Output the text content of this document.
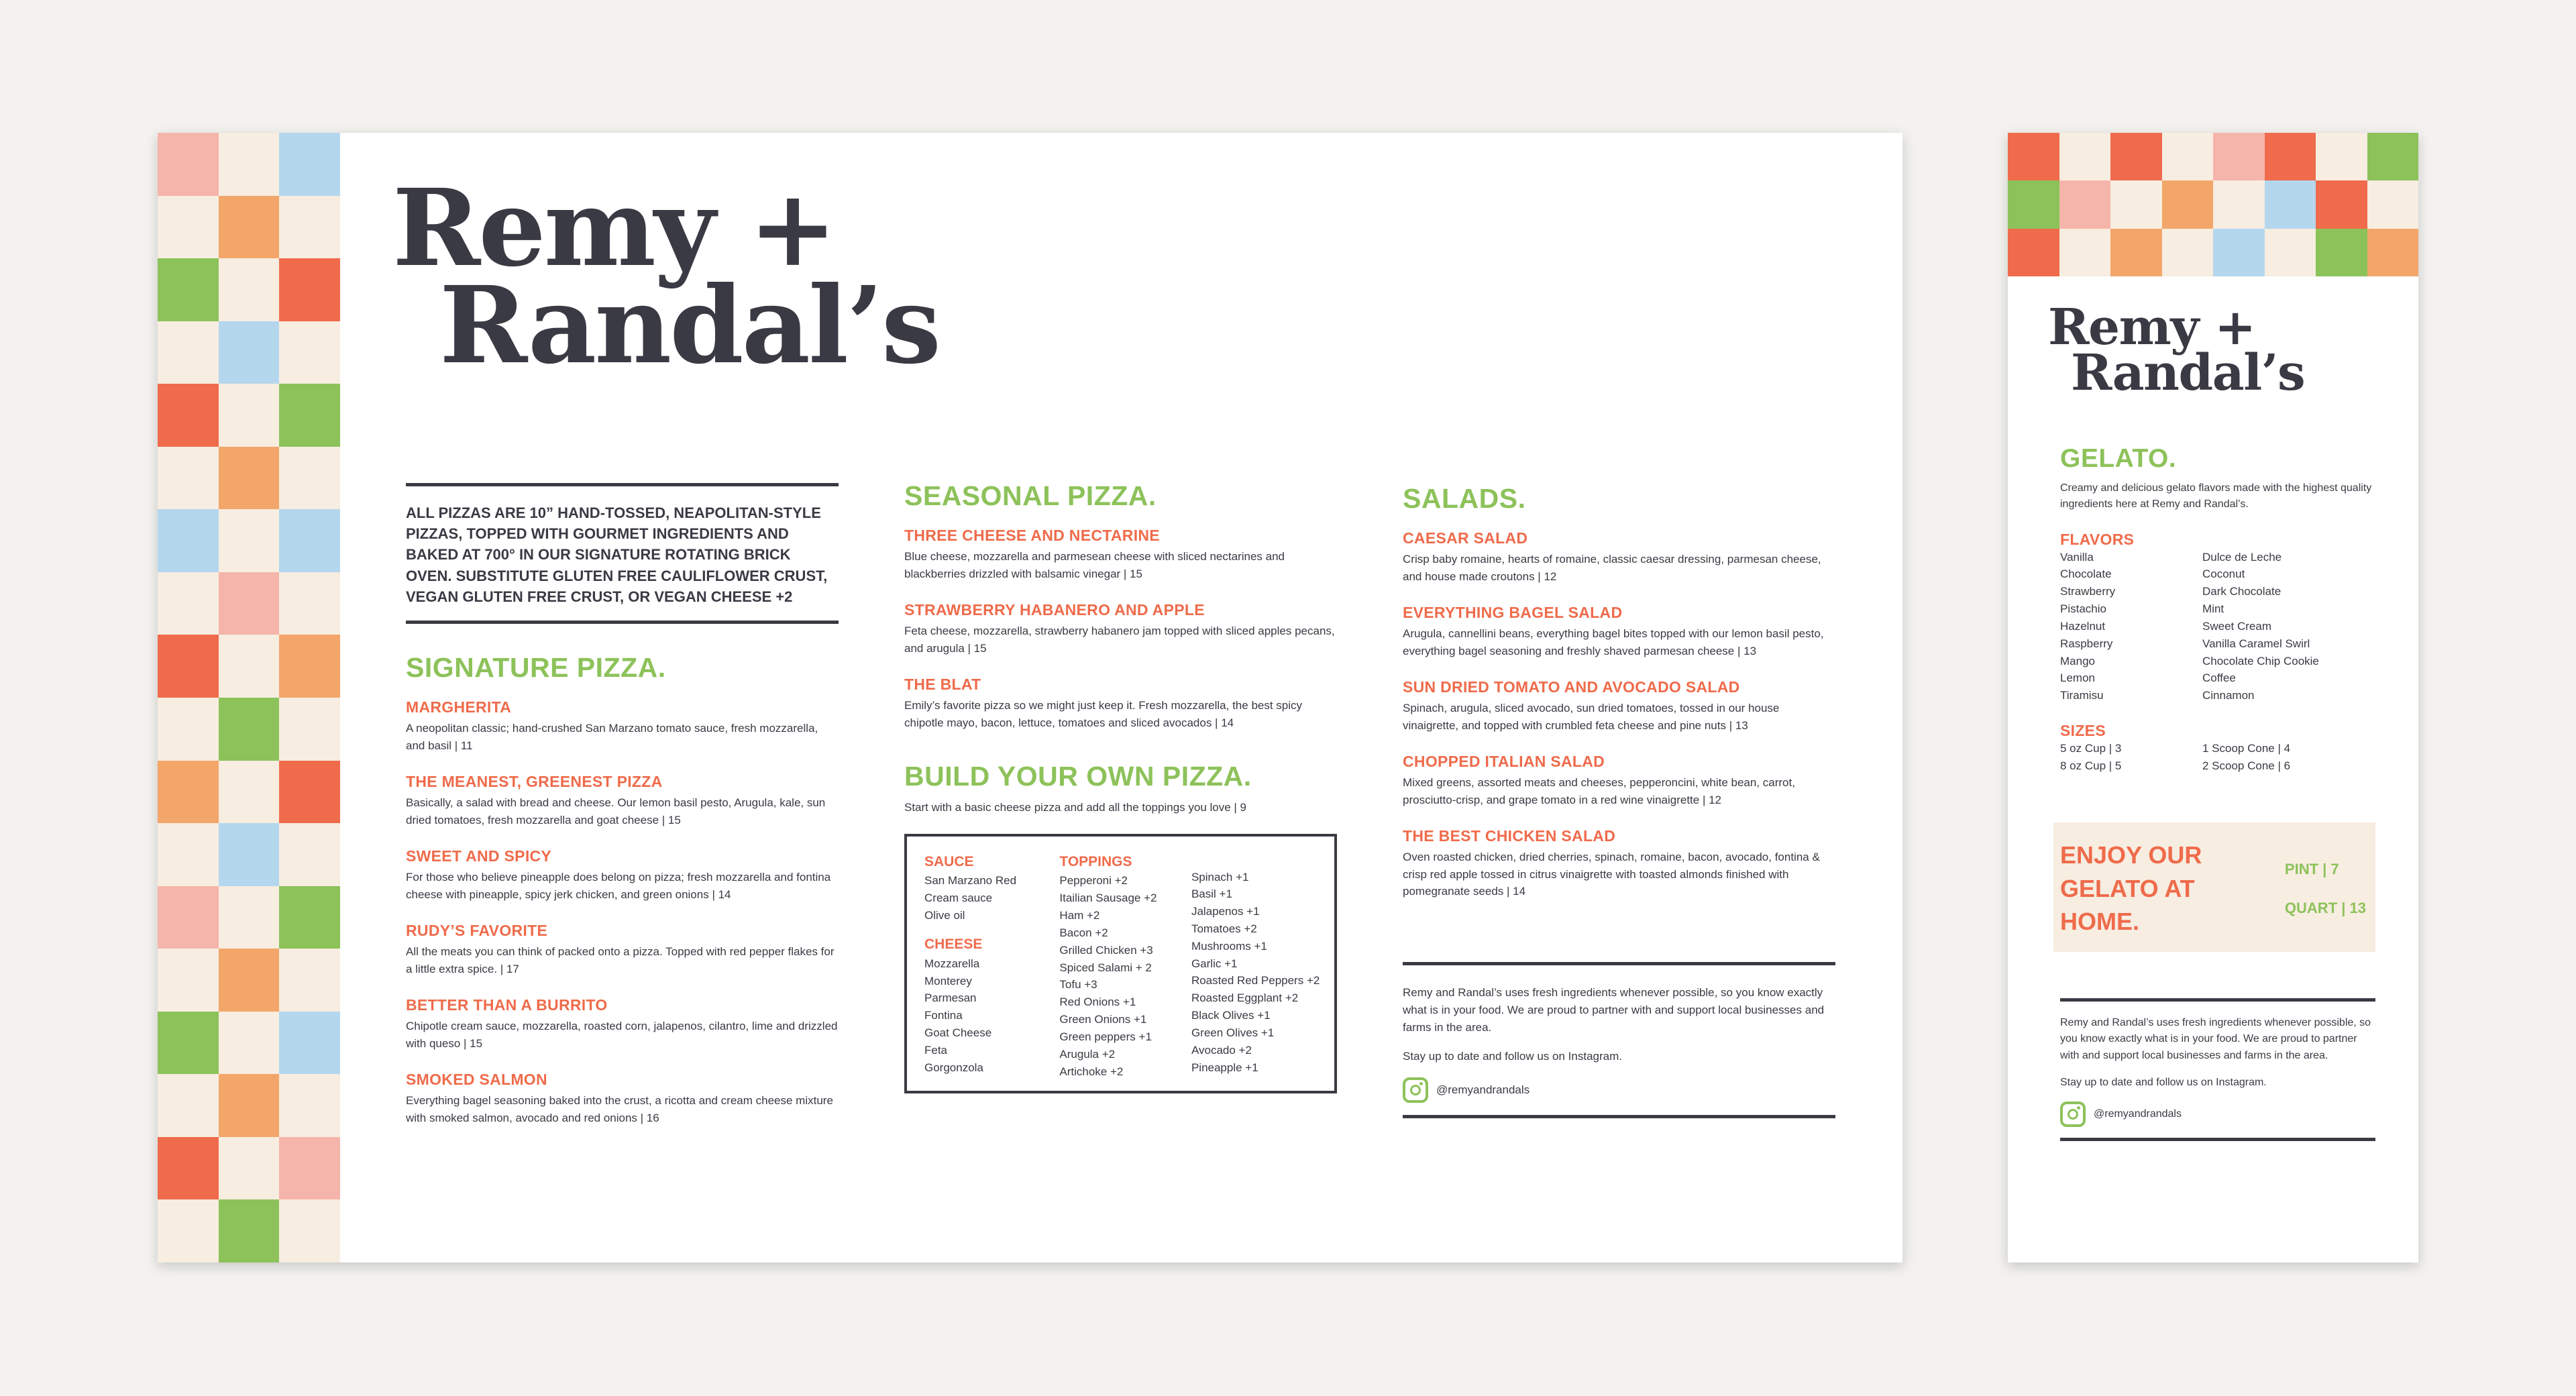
Remy +
Randal’s
ALL PIZZAS ARE 10” HAND-TOSSED, NEAPOLITAN-STYLE PIZZAS, TOPPED WITH GOURMET INGREDIENTS AND BAKED AT 700° IN OUR SIGNATURE ROTATING BRICK OVEN. SUBSTITUTE GLUTEN FREE CAULIFLOWER CRUST, VEGAN GLUTEN FREE CRUST, OR VEGAN CHEESE +2
SIGNATURE PIZZA.
MARGHERITA
A neopolitan classic; hand-crushed San Marzano tomato sauce, fresh mozzarella, and basil | 11
THE MEANEST, GREENEST PIZZA
Basically, a salad with bread and cheese. Our lemon basil pesto, Arugula, kale, sun dried tomatoes, fresh mozzarella and goat cheese | 15
SWEET AND SPICY
For those who believe pineapple does belong on pizza; fresh mozzarella and fontina cheese with pineapple, spicy jerk chicken, and green onions | 14
RUDY’S FAVORITE
All the meats you can think of packed onto a pizza. Topped with red pepper flakes for a little extra spice. | 17
BETTER THAN A BURRITO
Chipotle cream sauce, mozzarella, roasted corn, jalapenos, cilantro, lime and drizzled with queso | 15
SMOKED SALMON
Everything bagel seasoning baked into the crust, a ricotta and cream cheese mixture with smoked salmon, avocado and red onions | 16
SEASONAL PIZZA.
THREE CHEESE AND NECTARINE
Blue cheese, mozzarella and parmesean cheese with sliced nectarines and blackberries drizzled with balsamic vinegar | 15
STRAWBERRY HABANERO AND APPLE
Feta cheese, mozzarella, strawberry habanero jam topped with sliced apples pecans, and arugula | 15
THE BLAT
Emily’s favorite pizza so we might just keep it. Fresh mozzarella, the best spicy chipotle mayo, bacon, lettuce, tomatoes and sliced avocados | 14
BUILD YOUR OWN PIZZA.
Start with a basic cheese pizza and add all the toppings you love | 9
SAUCE
San Marzano Red
Cream sauce
Olive oil
CHEESE
Mozzarella
Monterey
Parmesan
Fontina
Goat Cheese
Feta
Gorgonzola
TOPPINGS
Pepperoni +2
Itailian Sausage +2
Ham +2
Bacon +2
Grilled Chicken +3
Spiced Salami + 2
Tofu +3
Red Onions +1
Green Onions +1
Green peppers +1
Arugula +2
Artichoke +2
Spinach +1
Basil +1
Jalapenos +1
Tomatoes +2
Mushrooms +1
Garlic +1
Roasted Red Peppers +2
Roasted Eggplant +2
Black Olives +1
Green Olives +1
Avocado +2
Pineapple +1
SALADS.
CAESAR SALAD
Crisp baby romaine, hearts of romaine, classic caesar dressing, parmesan cheese, and house made croutons | 12
EVERYTHING BAGEL SALAD
Arugula, cannellini beans, everything bagel bites topped with our lemon basil pesto, everything bagel seasoning and freshly shaved parmesan cheese | 13
SUN DRIED TOMATO AND AVOCADO SALAD
Spinach, arugula, sliced avocado, sun dried tomatoes, tossed in our house vinaigrette, and topped with crumbled feta cheese and pine nuts | 13
CHOPPED ITALIAN SALAD
Mixed greens, assorted meats and cheeses, pepperoncini, white bean, carrot, prosciutto-crisp, and grape tomato in a red wine vinaigrette | 12
THE BEST CHICKEN SALAD
Oven roasted chicken, dried cherries, spinach, romaine, bacon, avocado, fontina & crisp red apple tossed in citrus vinaigrette with toasted almonds finished with pomegranate seeds | 14
Remy and Randal’s uses fresh ingredients whenever possible, so you know exactly what is in your food. We are proud to partner with and support local businesses and farms in the area.
Stay up to date and follow us on Instagram.
@remyandrandals
Remy +
Randal’s
GELATO.
Creamy and delicious gelato flavors made with the highest quality ingredients here at Remy and Randal’s.
FLAVORS
Vanilla
Chocolate
Strawberry
Pistachio
Hazelnut
Raspberry
Mango
Lemon
Tiramisu
Dulce de Leche
Coconut
Dark Chocolate
Mint
Sweet Cream
Vanilla Caramel Swirl
Chocolate Chip Cookie
Coffee
Cinnamon
SIZES
5 oz Cup | 3
8 oz Cup | 5
1 Scoop Cone | 4
2 Scoop Cone | 6
ENJOY OUR GELATO AT HOME.
PINT | 7
QUART | 13
Remy and Randal’s uses fresh ingredients whenever possible, so you know exactly what is in your food. We are proud to partner with and support local businesses and farms in the area.
Stay up to date and follow us on Instagram.
@remyandrandals
